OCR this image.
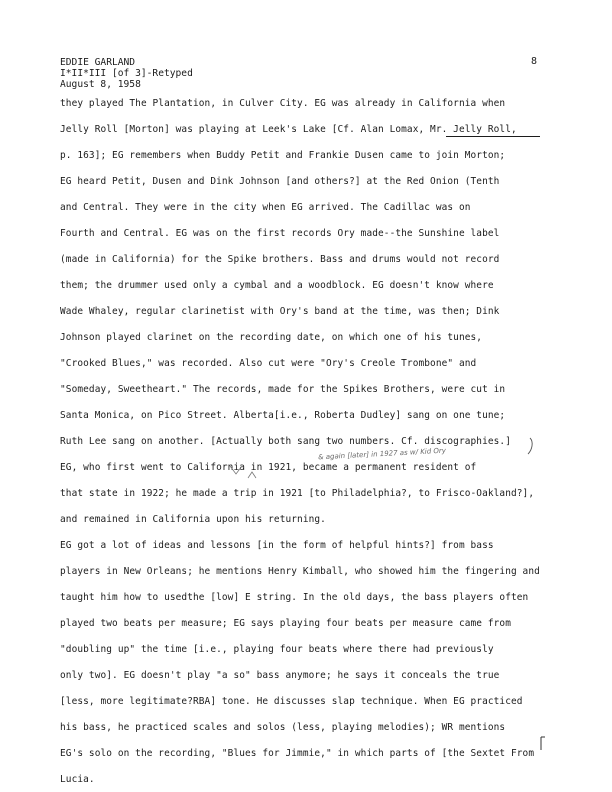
EDDIE GARLAND
I*II*III [of 3]-Retyped
August 8, 1958
8
they played The Plantation, in Culver City. EG was already in California when
Jelly Roll [Morton] was playing at Leek's Lake [Cf. Alan Lomax, Mr. Jelly Roll,
p. 163]; EG remembers when Buddy Petit and Frankie Dusen came to join Morton;
EG heard Petit, Dusen and Dink Johnson [and others?] at the Red Onion (Tenth
and Central. They were in the city when EG arrived. The Cadillac was on
Fourth and Central. EG was on the first records Ory made--the Sunshine label
(made in California) for the Spike brothers. Bass and drums would not record
them; the drummer used only a cymbal and a woodblock. EG doesn't know where
Wade Whaley, regular clarinetist with Ory's band at the time, was then; Dink
Johnson played clarinet on the recording date, on which one of his tunes,
"Crooked Blues," was recorded. Also cut were "Ory's Creole Trombone" and
"Someday, Sweetheart." The records, made for the Spikes Brothers, were cut in
Santa Monica, on Pico Street. Alberta[i.e., Roberta Dudley] sang on one tune;
Ruth Lee sang on another. [Actually both sang two numbers. Cf. discographies.]
EG, who first went to California in 1921, became a permanent resident of
that state in 1922; he made a trip in 1921 [to Philadelphia?, to Frisco-Oakland?],
and remained in California upon his returning.
EG got a lot of ideas and lessons [in the form of helpful hints?] from bass
players in New Orleans; he mentions Henry Kimball, who showed him the fingering and
taught him how to usedthe [low] E string. In the old days, the bass players often
played two beats per measure; EG says playing four beats per measure came from
"doubling up" the time [i.e., playing four beats where there had previously
only two]. EG doesn't play "a so" bass anymore; he says it conceals the true
[less, more legitimate?RBA] tone. He discusses slap technique. When EG practiced
his bass, he practiced scales and solos (less, playing melodies); WR mentions
EG's solo on the recording, "Blues for Jimmie," in which parts of [the Sextet From
Lucia.
& again [later] in 1927 as w/ Kid Ory
